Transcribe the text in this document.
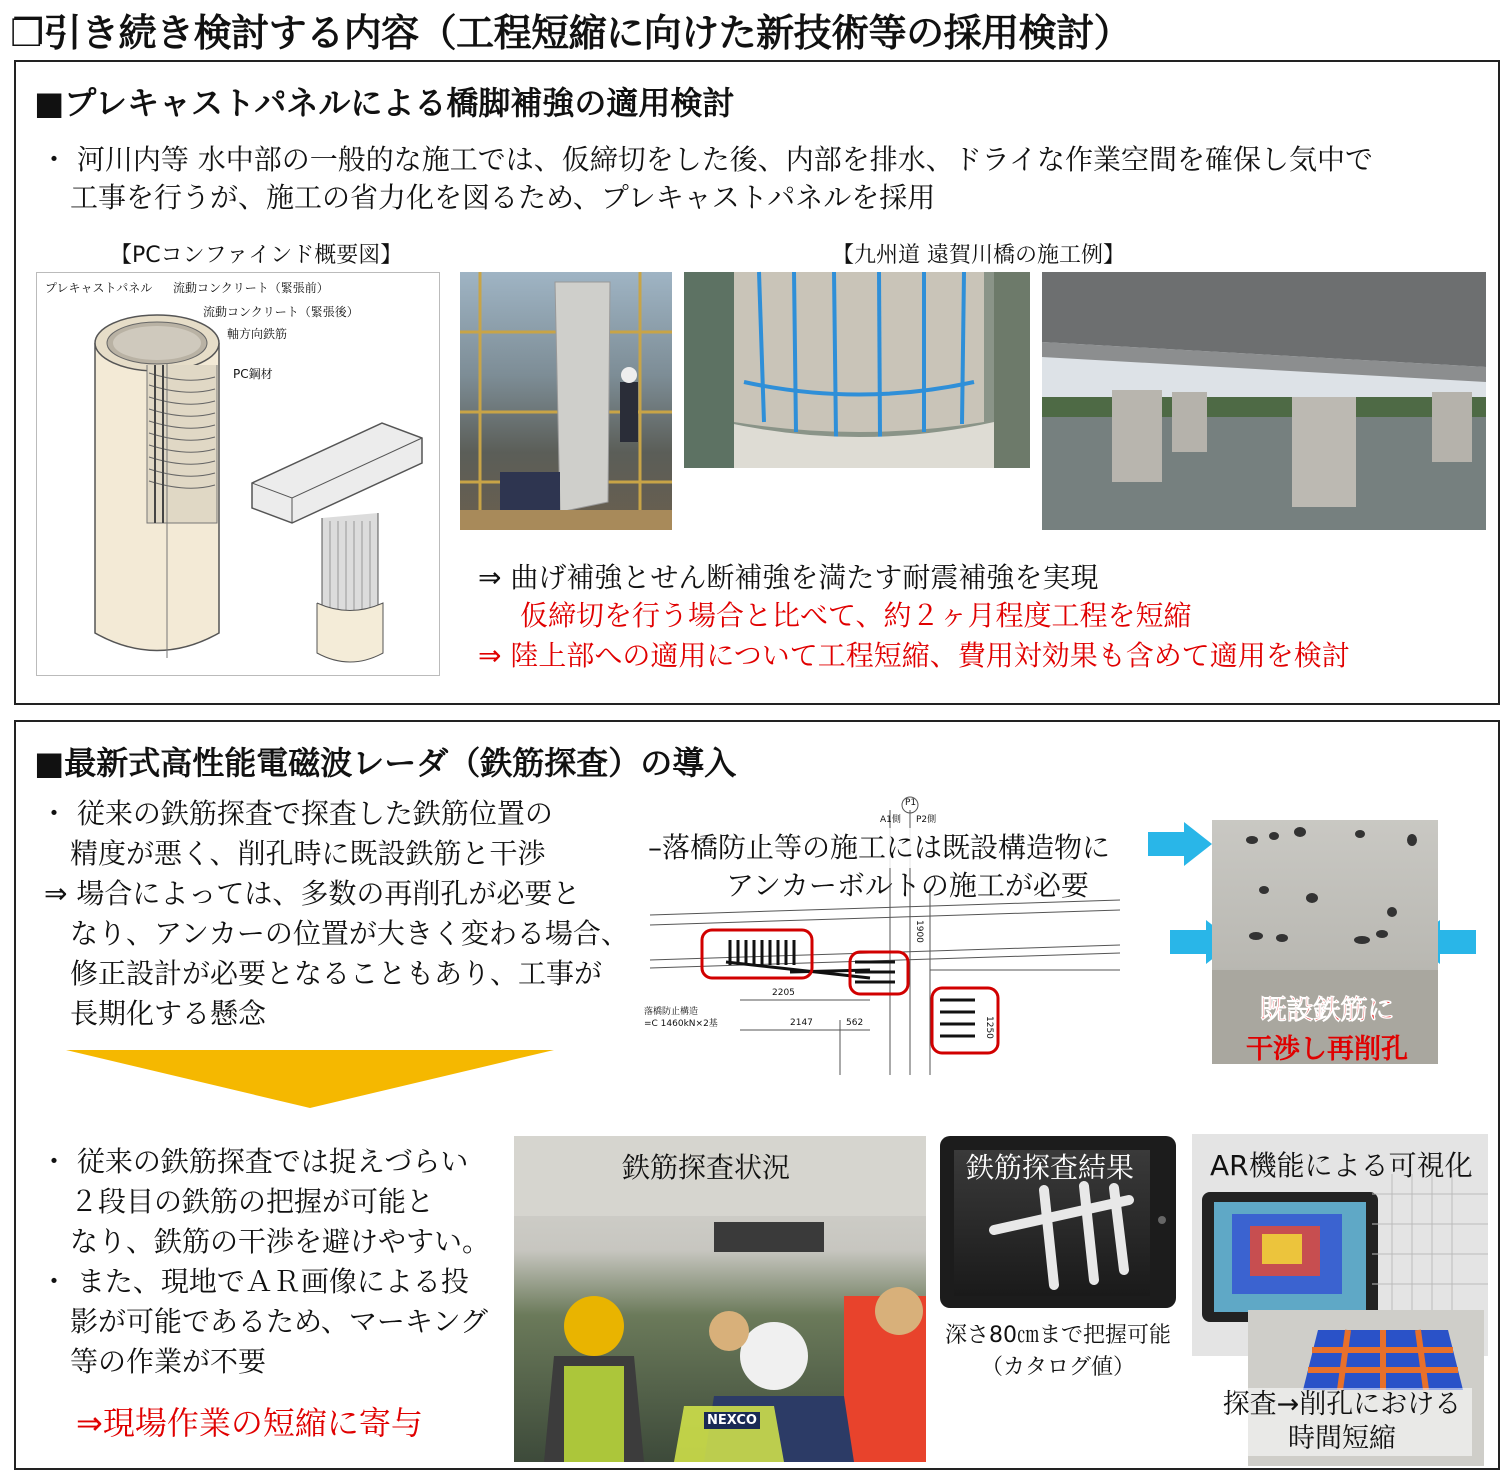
❐引き続き検討する内容（工程短縮に向けた新技術等の採用検討）
■プレキャストパネルによる橋脚補強の適用検討
・ 河川内等 水中部の一般的な施工では、仮締切をした後、内部を排水、ドライな作業空間を確保し気中で
工事を行うが、施工の省力化を図るため、プレキャストパネルを採用
【PCコンファインド概要図】	【九州道 遠賀川橋の施工例】
プレキャストパネル 流動コンクリート（緊張前）
流動コンクリート（緊張後）
軸方向鉄筋
PC鋼材
⇒ 曲げ補強とせん断補強を満たす耐震補強を実現
仮締切を行う場合と比べて、約２ヶ月程度工程を短縮
⇒ 陸上部への適用について工程短縮、費用対効果も含めて適用を検討
■最新式高性能電磁波レーダ（鉄筋探査）の導入
・ 従来の鉄筋探査で探査した鉄筋位置の
精度が悪く、削孔時に既設鉄筋と干渉
⇒ 場合によっては、多数の再削孔が必要と
なり、アンカーの位置が大きく変わる場合、
修正設計が必要となることもあり、工事が
長期化する懸念
P1
A1側 P2側
2205
2147	562
1900
1250
落橋防止構造
=C 1460kN×2基
–落橋防止等の施工には既設構造物に
アンカーボルトの施工が必要
既設鉄筋に
干渉し再削孔
・ 従来の鉄筋探査では捉えづらい
２段目の鉄筋の把握が可能と
なり、鉄筋の干渉を避けやすい。
・ また、現地でＡＲ画像による投
影が可能であるため、マーキング
等の作業が不要
⇒現場作業の短縮に寄与
鉄筋探査状況
NEXCO
鉄筋探査結果
深さ80㎝まで把握可能
（カタログ値）
AR機能による可視化
探査→削孔における
時間短縮
